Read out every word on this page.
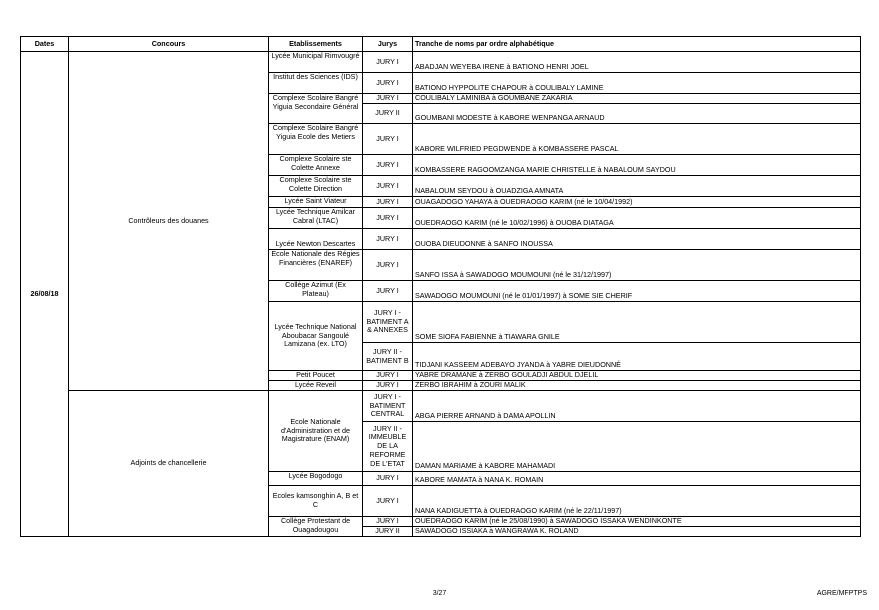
Dates	Concours	Etablissements	Jurys	Tranche de noms par ordre alphabétique
26/08/18	Contrôleurs des douanes	Lycée Municipal Rimvougré	JURY I	ABADJAN WEYEBA IRENE à BATIONO HENRI JOEL
		Institut des Sciences (IDS)	JURY I	BATIONO HYPPOLITE CHAPOUR à COULIBALY LAMINE
		Complexe Scolaire Bangré Yiguia Secondaire Général	JURY I	COULIBALY LAMINIBA à GOUMBANE ZAKARIA
			JURY II	GOUMBANI MODESTE à KABORE WENPANGA ARNAUD
		Complexe Scolaire Bangré Yiguia Ecole des Metiers	JURY I	KABORE WILFRIED PEGDWENDE à KOMBASSERE PASCAL
		Complexe Scolaire ste Colette Annexe	JURY I	KOMBASSERE RAGOOMZANGA MARIE CHRISTELLE à NABALOUM SAYDOU
		Complexe Scolaire ste Colette Direction	JURY I	NABALOUM SEYDOU à OUADZIGA AMNATA
		Lycée Saint Viateur	JURY I	OUAGADOGO YAHAYA à OUEDRAOGO KARIM (né le 10/04/1992)
		Lycée Technique Amilcar Cabral (LTAC)	JURY I	OUEDRAOGO KARIM (né le 10/02/1996) à OUOBA DIATAGA
		Lycée Newton Descartes	JURY I	OUOBA DIEUDONNE à SANFO INOUSSA
		Ecole Nationale des Régies Financières (ENAREF)	JURY I	SANFO ISSA à SAWADOGO MOUMOUNI (né le 31/12/1997)
		Collège Azimut (Ex Plateau)	JURY I	SAWADOGO MOUMOUNI (né le 01/01/1997) à SOME SIE CHERIF
		Lycée Technique National Aboubacar Sangoulé Lamizana (ex. LTO)	JURY I - BATIMENT A & ANNEXES	SOME SIOFA FABIENNE à TIAWARA GNILE
			JURY II - BATIMENT B	TIDJANI KASSEEM ADEBAYO JYANDA à YABRE DIEUDONNÉ
		Petit Poucet	JURY I	YABRE DRAMANE à ZERBO GOULADJI ABDUL DJELIL
		Lycée Reveil	JURY I	ZERBO IBRAHIM à ZOURI MALIK
	Adjoints de chancellerie	Ecole Nationale d'Administration et de Magistrature (ENAM)	JURY I - BATIMENT CENTRAL	ABGA PIERRE ARNAND à DAMA APOLLIN
			JURY II - IMMEUBLE DE LA REFORME DE L'ETAT	DAMAN MARIAME à KABORE MAHAMADI
		Lycée Bogodogo	JURY I	KABORE MAMATA à NANA K. ROMAIN
		Ecoles kamsonghin A, B et C	JURY I	NANA KADIGUETTA à OUEDRAOGO KARIM (né le 22/11/1997)
		Collège Protestant de Ouagadougou	JURY I	OUEDRAOGO KARIM (né le 25/08/1990) à SAWADOGO ISSAKA WENDINKONTE
			JURY II	SAWADOGO ISSIAKA à WANGRAWA K. ROLAND
3/27	AGRE/MFPTPS
